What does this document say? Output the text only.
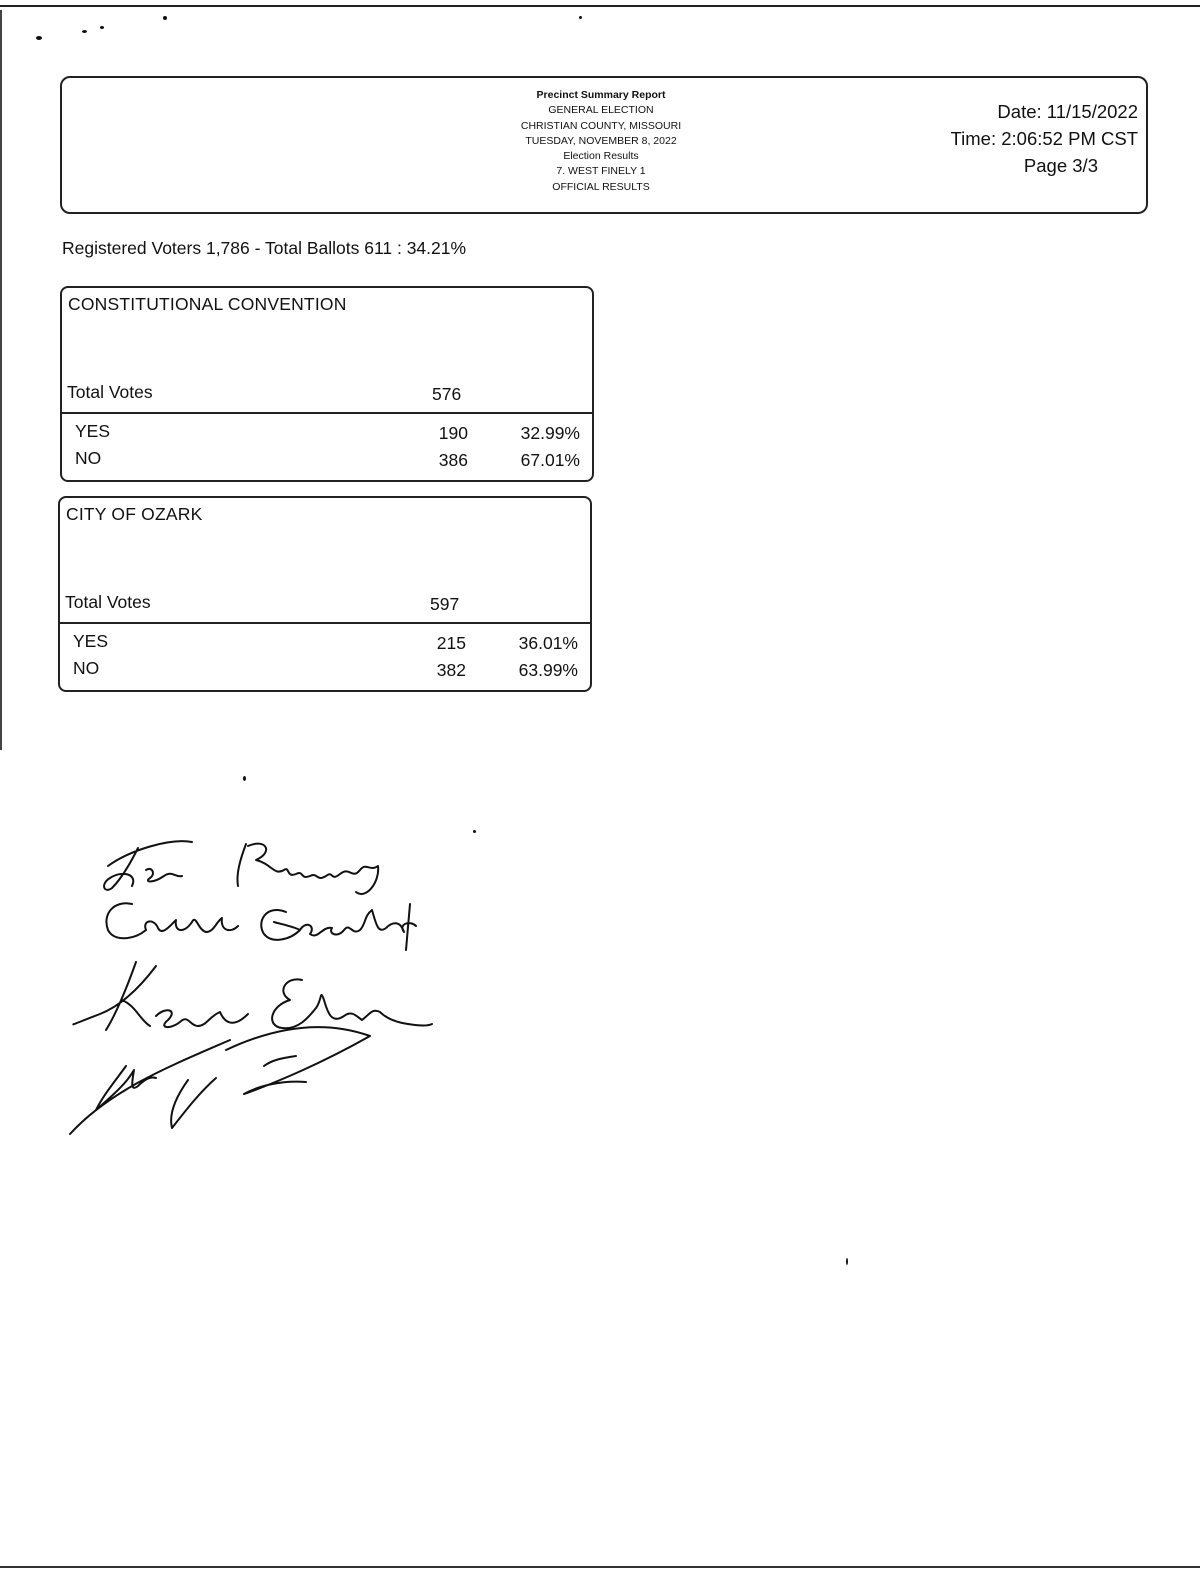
Precinct Summary Report
GENERAL ELECTION
CHRISTIAN COUNTY, MISSOURI
TUESDAY, NOVEMBER 8, 2022
Election Results
7. WEST FINELY 1
OFFICIAL RESULTS
Date: 11/15/2022
Time: 2:06:52 PM CST
Page 3/3
Registered Voters 1,786 - Total Ballots 611 : 34.21%
CONSTITUTIONAL CONVENTION
Total Votes	576
YES	190	32.99%
NO	386	67.01%
CITY OF OZARK
Total Votes	597
YES	215	36.01%
NO	382	63.99%
